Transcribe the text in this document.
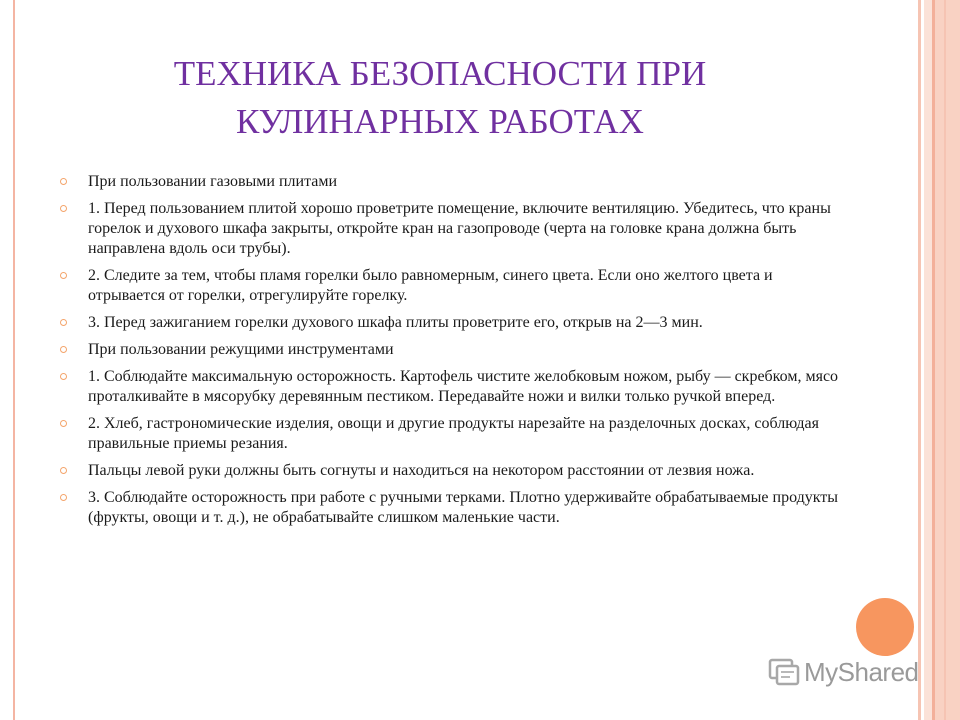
ТЕХНИКА БЕЗОПАСНОСТИ ПРИ
КУЛИНАРНЫХ РАБОТАХ
При пользовании газовыми плитами
1. Перед пользованием плитой хорошо проветрите помещение, включите вентиляцию. Убедитесь, что краны горелок и духового шкафа закрыты, откройте кран на газопроводе (черта на головке крана должна быть направлена вдоль оси трубы).
2. Следите за тем, чтобы пламя горелки было равномерным, синего цвета. Если оно желтого цвета и отрывается от горелки, отрегулируйте горелку.
3. Перед зажиганием горелки духового шкафа плиты проветрите его, открыв на 2—3 мин.
При пользовании режущими инструментами
1. Соблюдайте максимальную осторожность. Картофель чистите желобковым ножом, рыбу — скребком, мясо проталкивайте в мясорубку деревянным пестиком. Передавайте ножи и вилки только ручкой вперед.
2. Хлеб, гастрономические изделия, овощи и другие продукты нарезайте на разделочных досках, соблюдая правильные приемы резания.
Пальцы левой руки должны быть согнуты и находиться на некотором расстоянии от лезвия ножа.
3. Соблюдайте осторожность при работе с ручными терками. Плотно удерживайте обрабатываемые продукты (фрукты, овощи и т. д.), не обрабатывайте слишком маленькие части.
MyShared
